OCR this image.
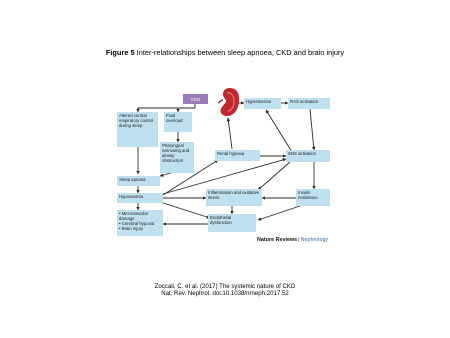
Figure 5 Inter-relationships between sleep apnoea, CKD and brain injury
CKD
Altered central respiratory control during sleep
Fluid overload
Pharyngeal narrowing and airway obstruction
Sleep apnoea
Hypoxaemia
• Microvascular damage
• Cerebral hypoxia
• Brain injury
Hypertension	RAS activation
Renal hypoxia	SNS activation
Inflammation and oxidative stress
Insulin resistance
Endothelial dysfunction
Nature Reviews|Nephrology
Zoccali, C. et al. (2017) The systemic nature of CKD
Nat. Rev. Nephrol. doi:10.1038/nrneph.2017.52
